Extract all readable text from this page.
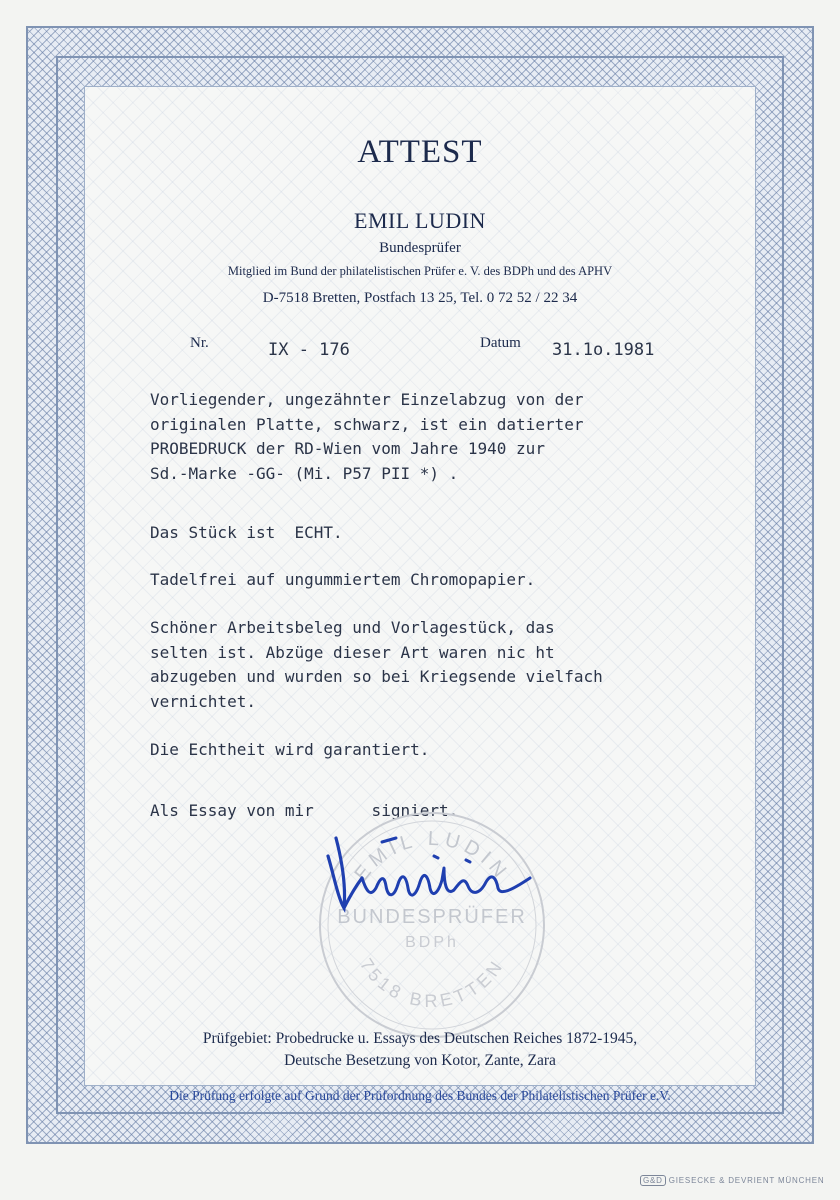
ATTEST
EMIL LUDIN
Bundesprüfer
Mitglied im Bund der philatelistischen Prüfer e. V. des BDPh und des APHV
D-7518 Bretten, Postfach 13 25, Tel. 0 72 52 / 22 34
Nr.	IX - 176	Datum 31.1o.1981
Vorliegender, ungezähnter Einzelabzug von der
originalen Platte, schwarz, ist ein datierter
PROBEDRUCK der RD-Wien vom Jahre 1940 zur
Sd.-Marke -GG- (Mi. P57 PII *) .
Das Stück ist  ECHT.
Tadelfrei auf ungummiertem Chromopapier.
Schöner Arbeitsbeleg und Vorlagestück, das
selten ist. Abzüge dieser Art waren nic ht
abzugeben und wurden so bei Kriegsende vielfach
vernichtet.
Die Echtheit wird garantiert.
Als Essay von mir      signiert.
EMIL LUDIN
BUNDESPRÜFER
BDPh
7518 BRETTEN
Prüfgebiet: Probedrucke u. Essays des Deutschen Reiches 1872-1945,
Deutsche Besetzung von Kotor, Zante, Zara
Die Prüfung erfolgte auf Grund der Prüfordnung des Bundes der Philatelistischen Prüfer e.V.
G&D GIESECKE & DEVRIENT MÜNCHEN
